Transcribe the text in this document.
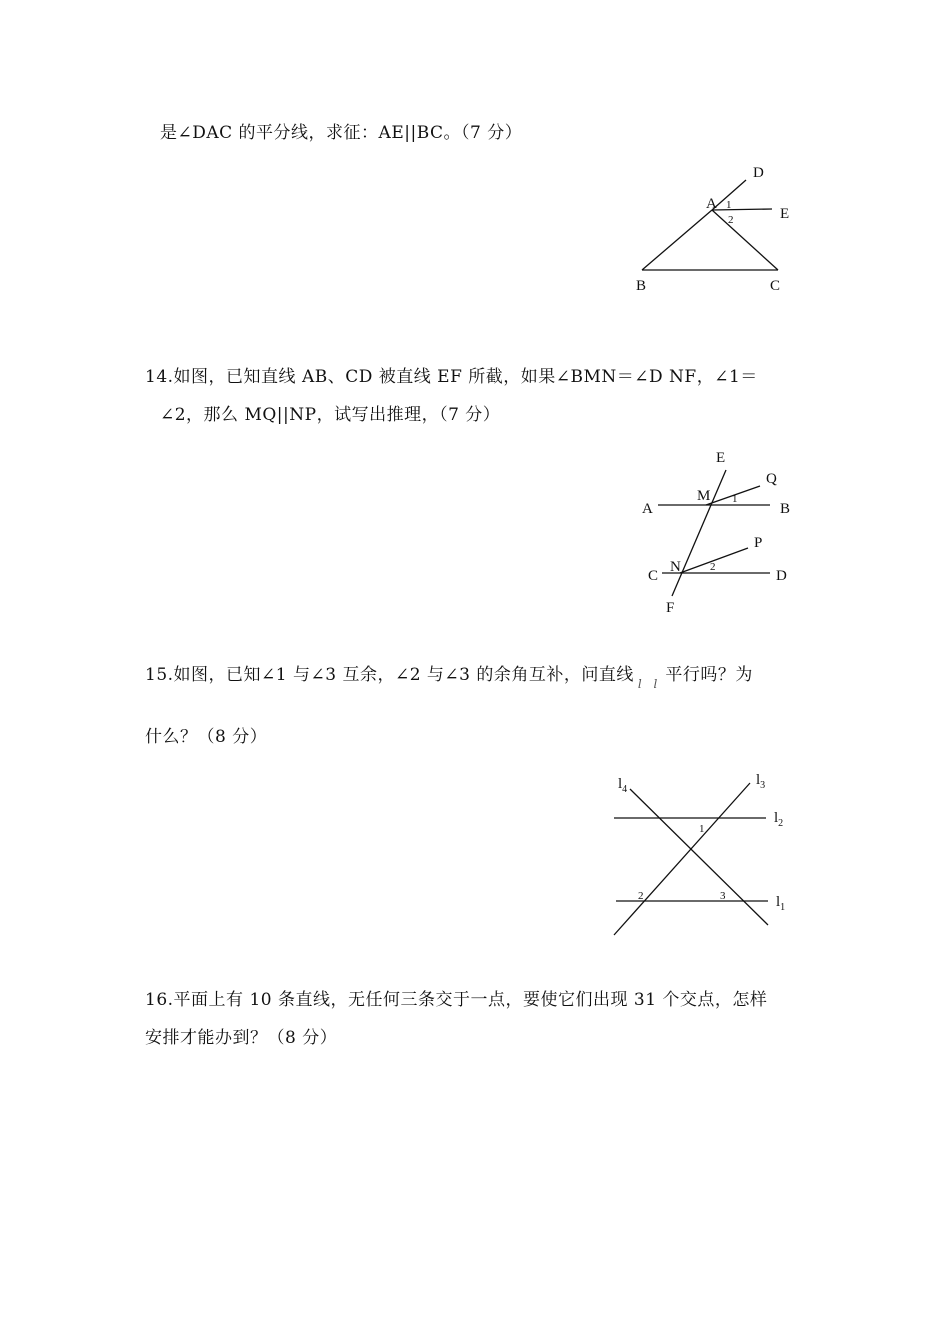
是∠DAC 的平分线，求征：AE||BC。（7 分）
D
A
E
1
2
B	C
14.如图，已知直线 AB、CD 被直线 EF 所截，如果∠BMN＝∠D NF，∠1＝
∠2，那么 MQ||NP，试写出推理，（7 分）
E
Q
A
M 1
B
P
C
N	2
D
F
15.如图，已知∠1 与∠3 互余，∠2 与∠3 的余角互补，问直线 l l 平行吗？为
什么？（8 分）
$l_4$
$l_3$
$l_2$
$l_1$
1
2	3
16.平面上有 10 条直线，无任何三条交于一点，要使它们出现 31 个交点，怎样
安排才能办到？（8 分）
